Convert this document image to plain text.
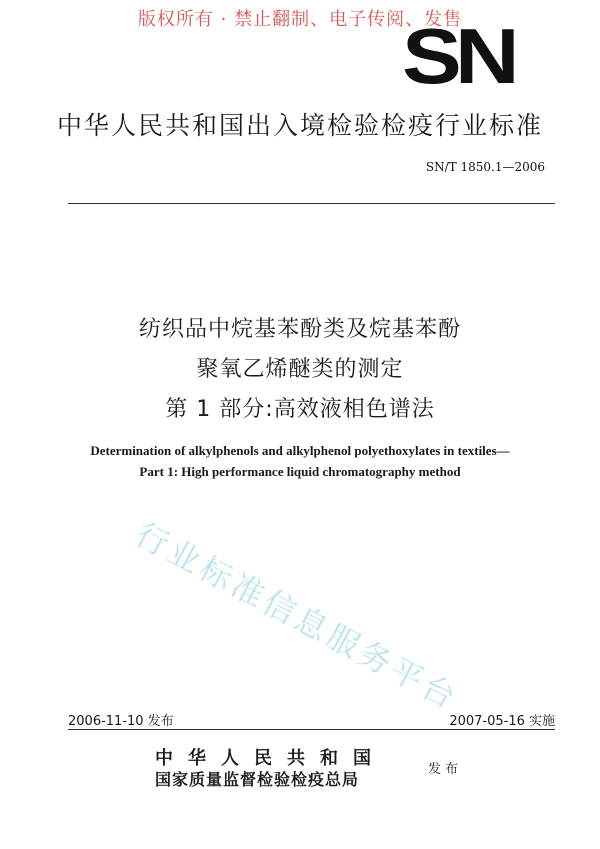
版权所有 · 禁止翻制、电子传阅、发售
SN
中华人民共和国出入境检验检疫行业标准
SN/T 1850.1—2006
纺织品中烷基苯酚类及烷基苯酚
聚氧乙烯醚类的测定
第 1 部分:高效液相色谱法
Determination of alkylphenols and alkylphenol polyethoxylates in textiles—
Part 1: High performance liquid chromatography method
行业标准信息服务平台
2006-11-10 发布	2007-05-16 实施
中华人民共和国
国家质量监督检验检疫总局
发布
